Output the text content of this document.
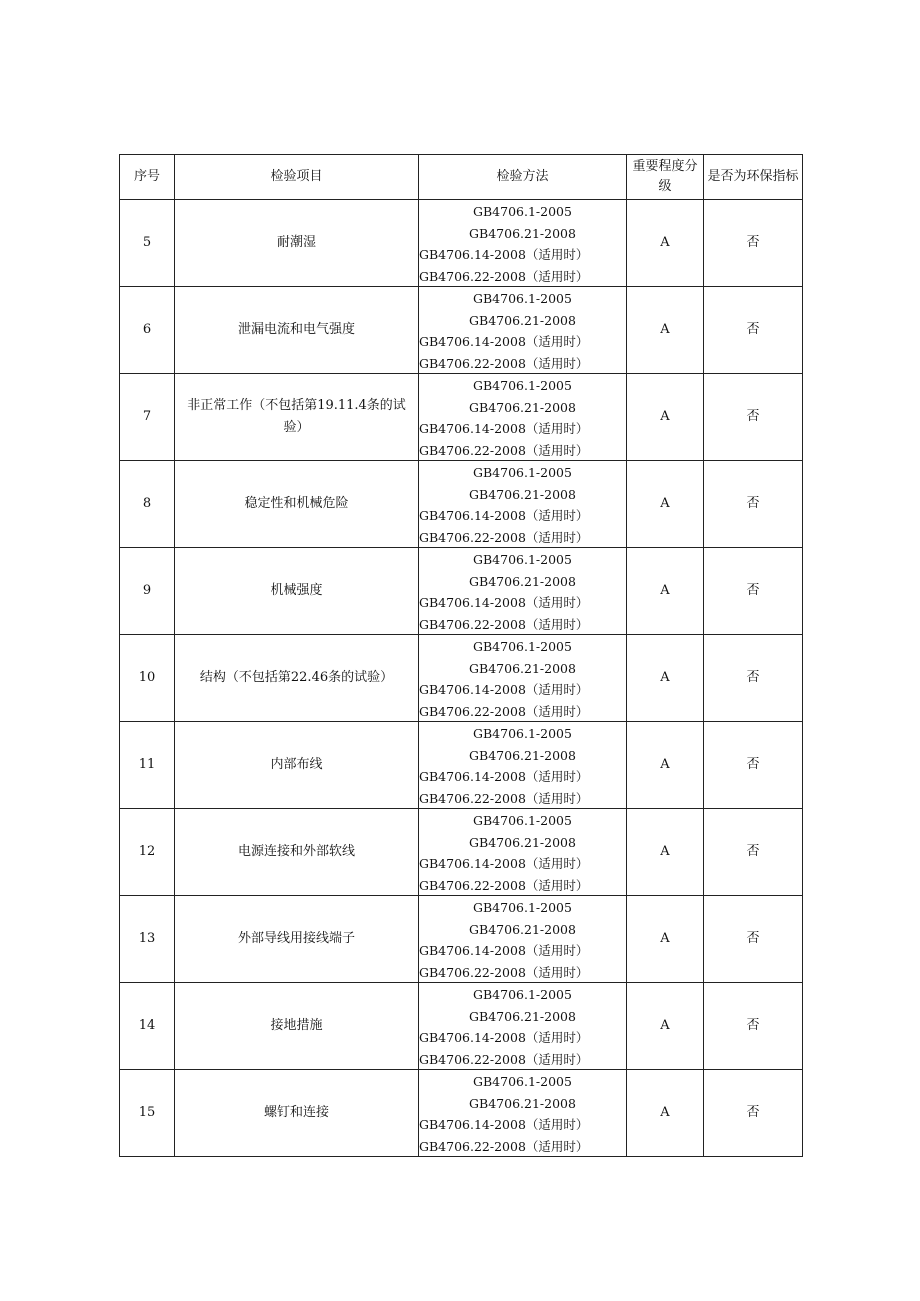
序号	检验项目	检验方法	重要程度分级	是否为环保指标

5	耐潮湿	GB4706.1-2005
GB4706.21-2008
GB4706.14-2008（适用时）
GB4706.22-2008（适用时）	A	否
6	泄漏电流和电气强度	GB4706.1-2005
GB4706.21-2008
GB4706.14-2008（适用时）
GB4706.22-2008（适用时）	A	否
7	非正常工作（不包括第19.11.4条的试验）	GB4706.1-2005
GB4706.21-2008
GB4706.14-2008（适用时）
GB4706.22-2008（适用时）	A	否
8	稳定性和机械危险	GB4706.1-2005
GB4706.21-2008
GB4706.14-2008（适用时）
GB4706.22-2008（适用时）	A	否
9	机械强度	GB4706.1-2005
GB4706.21-2008
GB4706.14-2008（适用时）
GB4706.22-2008（适用时）	A	否
10	结构（不包括第22.46条的试验）	GB4706.1-2005
GB4706.21-2008
GB4706.14-2008（适用时）
GB4706.22-2008（适用时）	A	否
11	内部布线	GB4706.1-2005
GB4706.21-2008
GB4706.14-2008（适用时）
GB4706.22-2008（适用时）	A	否
12	电源连接和外部软线	GB4706.1-2005
GB4706.21-2008
GB4706.14-2008（适用时）
GB4706.22-2008（适用时）	A	否
13	外部导线用接线端子	GB4706.1-2005
GB4706.21-2008
GB4706.14-2008（适用时）
GB4706.22-2008（适用时）	A	否
14	接地措施	GB4706.1-2005
GB4706.21-2008
GB4706.14-2008（适用时）
GB4706.22-2008（适用时）	A	否
15	螺钉和连接	GB4706.1-2005
GB4706.21-2008
GB4706.14-2008（适用时）
GB4706.22-2008（适用时）	A	否
